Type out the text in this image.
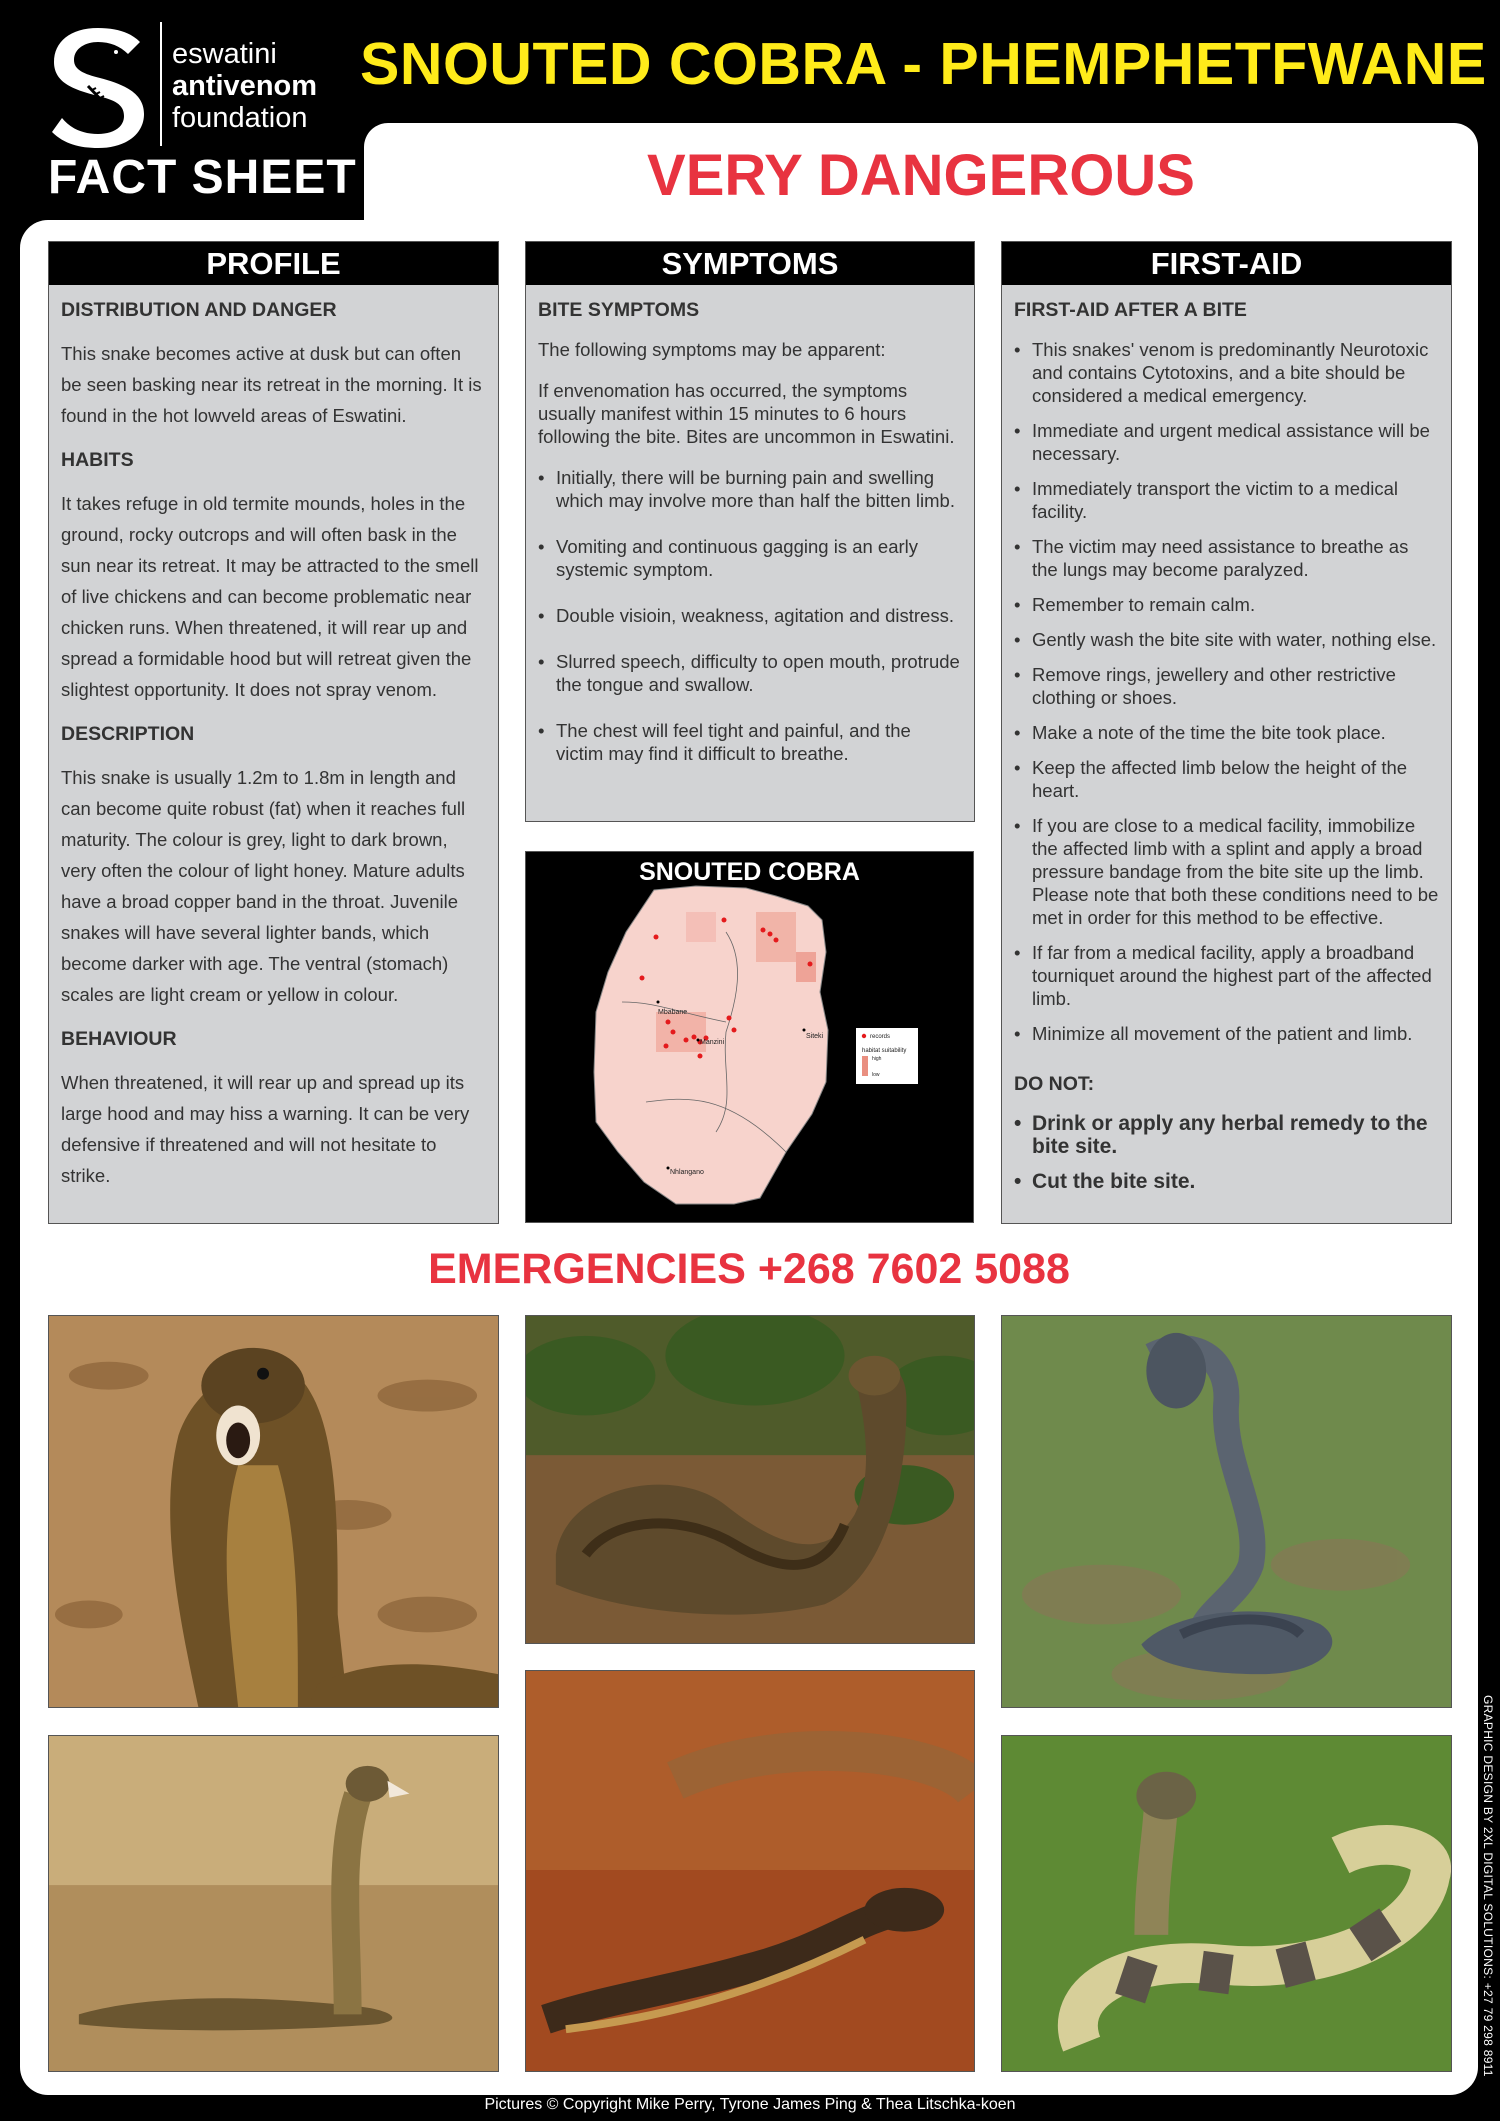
eswatini
antivenom
foundation
FACT SHEET
SNOUTED COBRA - PHEMPHETFWANE
VERY DANGEROUS
PROFILE
DISTRIBUTION AND DANGER

This snake becomes active at dusk but can often be seen basking near its retreat in the morning. It is found in the hot lowveld areas of Eswatini.

HABITS

It takes refuge in old termite mounds, holes in the ground, rocky outcrops and will often bask in the sun near its retreat. It may be attracted to the smell of live chickens and can become problematic near chicken runs. When threatened, it will rear up and spread a formidable hood but will retreat given the slightest opportunity. It does not spray venom.

DESCRIPTION

This snake is usually 1.2m to 1.8m in length and can become quite robust (fat) when it reaches full maturity. The colour is grey, light to dark brown, very often the colour of light honey. Mature adults have a broad copper band in the throat. Juvenile snakes will have several lighter bands, which become darker with age. The ventral (stomach) scales are light cream or yellow in colour.

BEHAVIOUR

When threatened, it will rear up and spread up its large hood and may hiss a warning. It can be very defensive if threatened and will not hesitate to strike.

SYMPTOMS
BITE SYMPTOMS

The following symptoms may be apparent:

If envenomation has occurred, the symptoms usually manifest within 15 minutes to 6 hours following the bite. Bites are uncommon in Eswatini.

• Initially, there will be burning pain and swelling which may involve more than half the bitten limb.
• Vomiting and continuous gagging is an early systemic symptom.
• Double visioin, weakness, agitation and distress.
• Slurred speech, difficulty to open mouth, protrude the tongue and swallow.
• The chest will feel tight and painful, and the victim may find it difficult to breathe.
FIRST-AID
FIRST-AID AFTER A BITE
• This snakes' venom is predominantly Neurotoxic and contains Cytotoxins, and a bite should be considered a medical emergency.
• Immediate and urgent medical assistance will be necessary.
• Immediately transport the victim to a medical facility.
• The victim may need assistance to breathe as the lungs may become paralyzed.
• Remember to remain calm.
• Gently wash the bite site with water, nothing else.
• Remove rings, jewellery and other restrictive clothing or shoes.
• Make a note of the time the bite took place.
• Keep the affected limb below the height of the heart.
• If you are close to a medical facility, immobilize the affected limb with a splint and apply a broad pressure bandage from the bite site up the limb. Please note that both these conditions need to be met in order for this method to be effective.
• If far from a medical facility, apply a broadband tourniquet around the highest part of the affected limb.
• Minimize all movement of the patient and limb.
DO NOT:
• Drink or apply any herbal remedy to the bite site.
• Cut the bite site.
SNOUTED COBRA
Mbabane
Manzini
Siteki
Nhlangano
records
habitat suitability
high
low
EMERGENCIES +268 7602 5088
Pictures © Copyright Mike Perry, Tyrone James Ping & Thea Litschka-koen
GRAPHIC DESIGN BY 2XL DIGITAL SOLUTIONS: +27 79 298 8911
